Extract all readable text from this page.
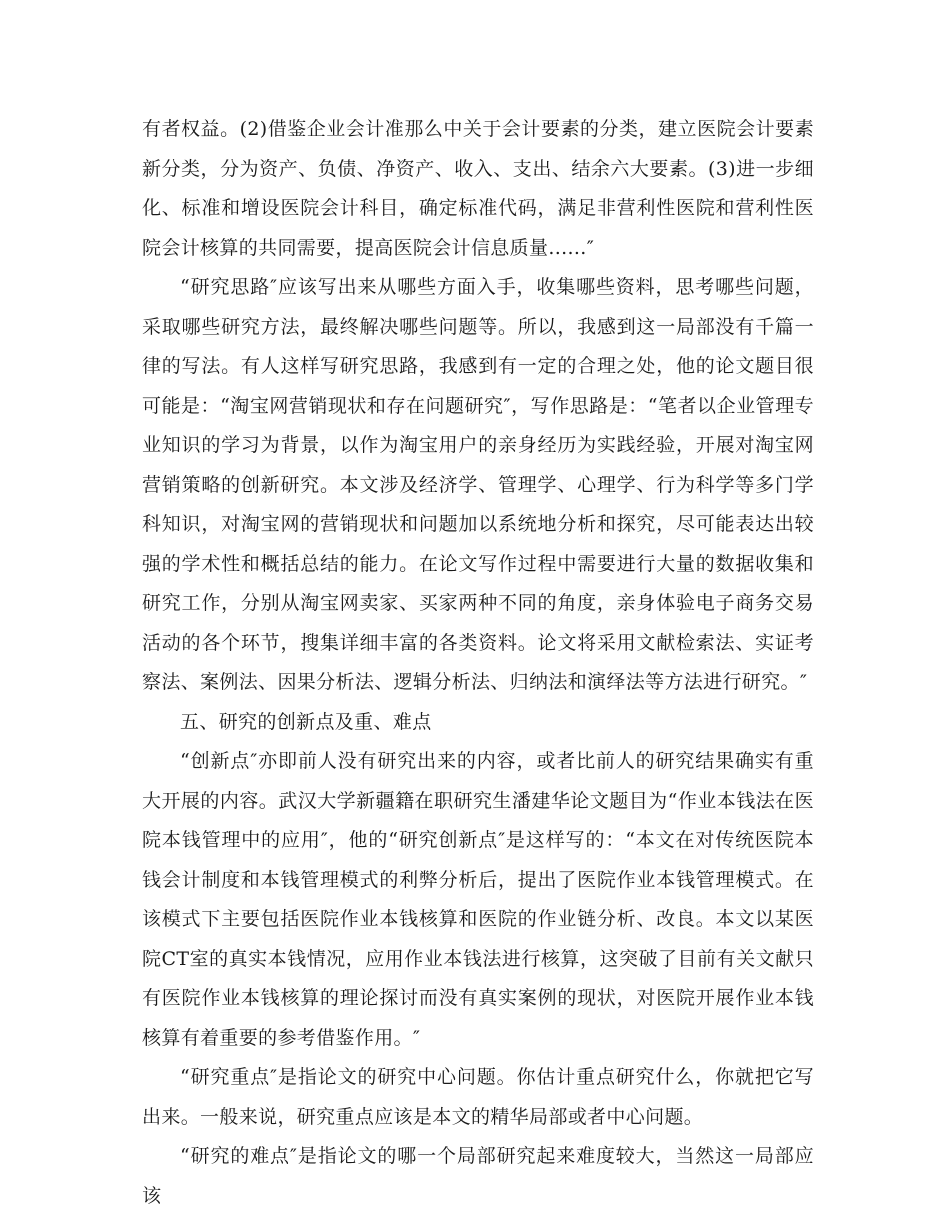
有者权益。(2)借鉴企业会计准那么中关于会计要素的分类，建立医院会计要素新分类，分为资产、负债、净资产、收入、支出、结余六大要素。(3)进一步细化、标准和增设医院会计科目，确定标准代码，满足非营利性医院和营利性医院会计核算的共同需要，提高医院会计信息质量......″

“研究思路″应该写出来从哪些方面入手，收集哪些资料，思考哪些问题，采取哪些研究方法，最终解决哪些问题等。所以，我感到这一局部没有千篇一律的写法。有人这样写研究思路，我感到有一定的合理之处，他的论文题目很可能是：“淘宝网营销现状和存在问题研究″，写作思路是：“笔者以企业管理专业知识的学习为背景，以作为淘宝用户的亲身经历为实践经验，开展对淘宝网营销策略的创新研究。本文涉及经济学、管理学、心理学、行为科学等多门学科知识，对淘宝网的营销现状和问题加以系统地分析和探究，尽可能表达出较强的学术性和概括总结的能力。在论文写作过程中需要进行大量的数据收集和研究工作，分别从淘宝网卖家、买家两种不同的角度，亲身体验电子商务交易活动的各个环节，搜集详细丰富的各类资料。论文将采用文献检索法、实证考察法、案例法、因果分析法、逻辑分析法、归纳法和演绎法等方法进行研究。″

五、研究的创新点及重、难点

“创新点″亦即前人没有研究出来的内容，或者比前人的研究结果确实有重大开展的内容。武汉大学新疆籍在职研究生潘建华论文题目为“作业本钱法在医院本钱管理中的应用″，他的“研究创新点″是这样写的：“本文在对传统医院本钱会计制度和本钱管理模式的利弊分析后，提出了医院作业本钱管理模式。在该模式下主要包括医院作业本钱核算和医院的作业链分析、改良。本文以某医院CT室的真实本钱情况，应用作业本钱法进行核算，这突破了目前有关文献只有医院作业本钱核算的理论探讨而没有真实案例的现状，对医院开展作业本钱核算有着重要的参考借鉴作用。″

“研究重点″是指论文的研究中心问题。你估计重点研究什么，你就把它写出来。一般来说，研究重点应该是本文的精华局部或者中心问题。

“研究的难点″是指论文的哪一个局部研究起来难度较大，当然这一局部应该
